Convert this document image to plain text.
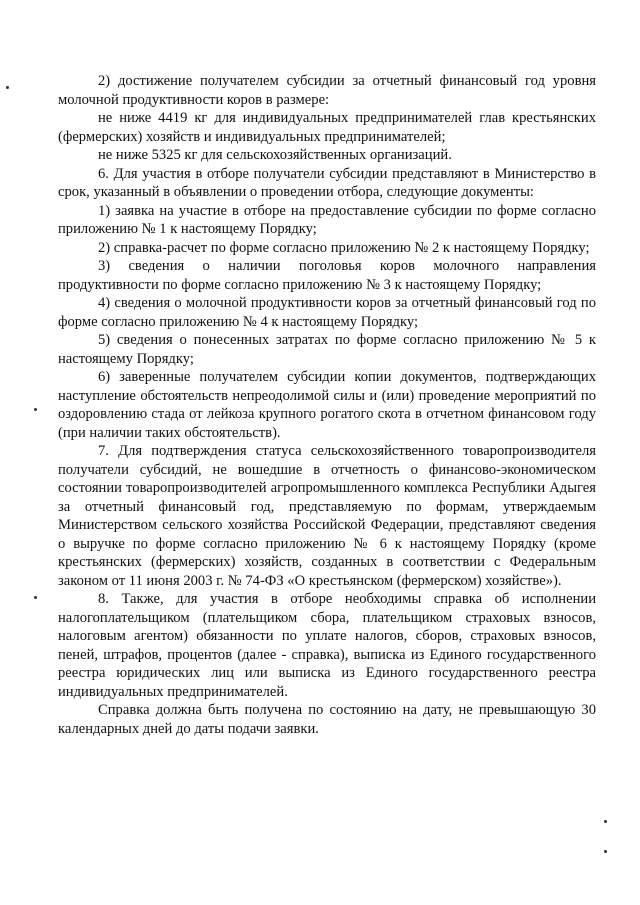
2) достижение получателем субсидии за отчетный финансовый год уровня молочной продуктивности коров в размере:

не ниже 4419 кг для индивидуальных предпринимателей глав крестьянских (фермерских) хозяйств и индивидуальных предпринимателей;

не ниже 5325 кг для сельскохозяйственных организаций.

6. Для участия в отборе получатели субсидии представляют в Министерство в срок, указанный в объявлении о проведении отбора, следующие документы:

1) заявка на участие в отборе на предоставление субсидии по форме согласно приложению № 1 к настоящему Порядку;

2) справка-расчет по форме согласно приложению № 2 к настоящему Порядку;

3) сведения о наличии поголовья коров молочного направления продуктивности по форме согласно приложению № 3 к настоящему Порядку;

4) сведения о молочной продуктивности коров за отчетный финансовый год по форме согласно приложению № 4 к настоящему Порядку;

5) сведения о понесенных затратах по форме согласно приложению № 5 к настоящему Порядку;

6) заверенные получателем субсидии копии документов, подтверждающих наступление обстоятельств непреодолимой силы и (или) проведение мероприятий по оздоровлению стада от лейкоза крупного рогатого скота в отчетном финансовом году (при наличии таких обстоятельств).

7. Для подтверждения статуса сельскохозяйственного товаропроизводителя получатели субсидий, не вошедшие в отчетность о финансово-экономическом состоянии товаропроизводителей агропромышленного комплекса Республики Адыгея за отчетный финансовый год, представляемую по формам, утверждаемым Министерством сельского хозяйства Российской Федерации, представляют сведения о выручке по форме согласно приложению № 6 к настоящему Порядку (кроме крестьянских (фермерских) хозяйств, созданных в соответствии с Федеральным законом от 11 июня 2003 г. № 74-ФЗ «О крестьянском (фермерском) хозяйстве»).

8. Также, для участия в отборе необходимы справка об исполнении налогоплательщиком (плательщиком сбора, плательщиком страховых взносов, налоговым агентом) обязанности по уплате налогов, сборов, страховых взносов, пеней, штрафов, процентов (далее - справка), выписка из Единого государственного реестра юридических лиц или выписка из Единого государственного реестра индивидуальных предпринимателей.

Справка должна быть получена по состоянию на дату, не превышающую 30 календарных дней до даты подачи заявки.
